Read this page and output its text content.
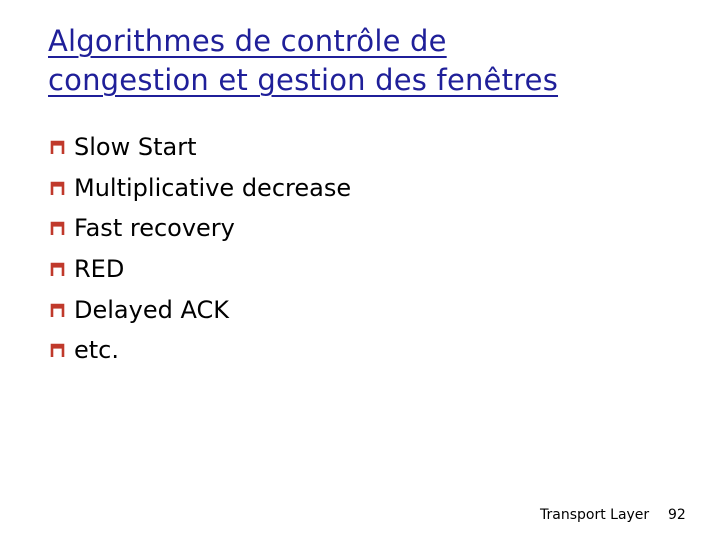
Algorithmes de contrôle de
congestion et gestion des fenêtres
Slow Start
Multiplicative decrease
Fast recovery
RED
Delayed ACK
etc.
Transport Layer 92
